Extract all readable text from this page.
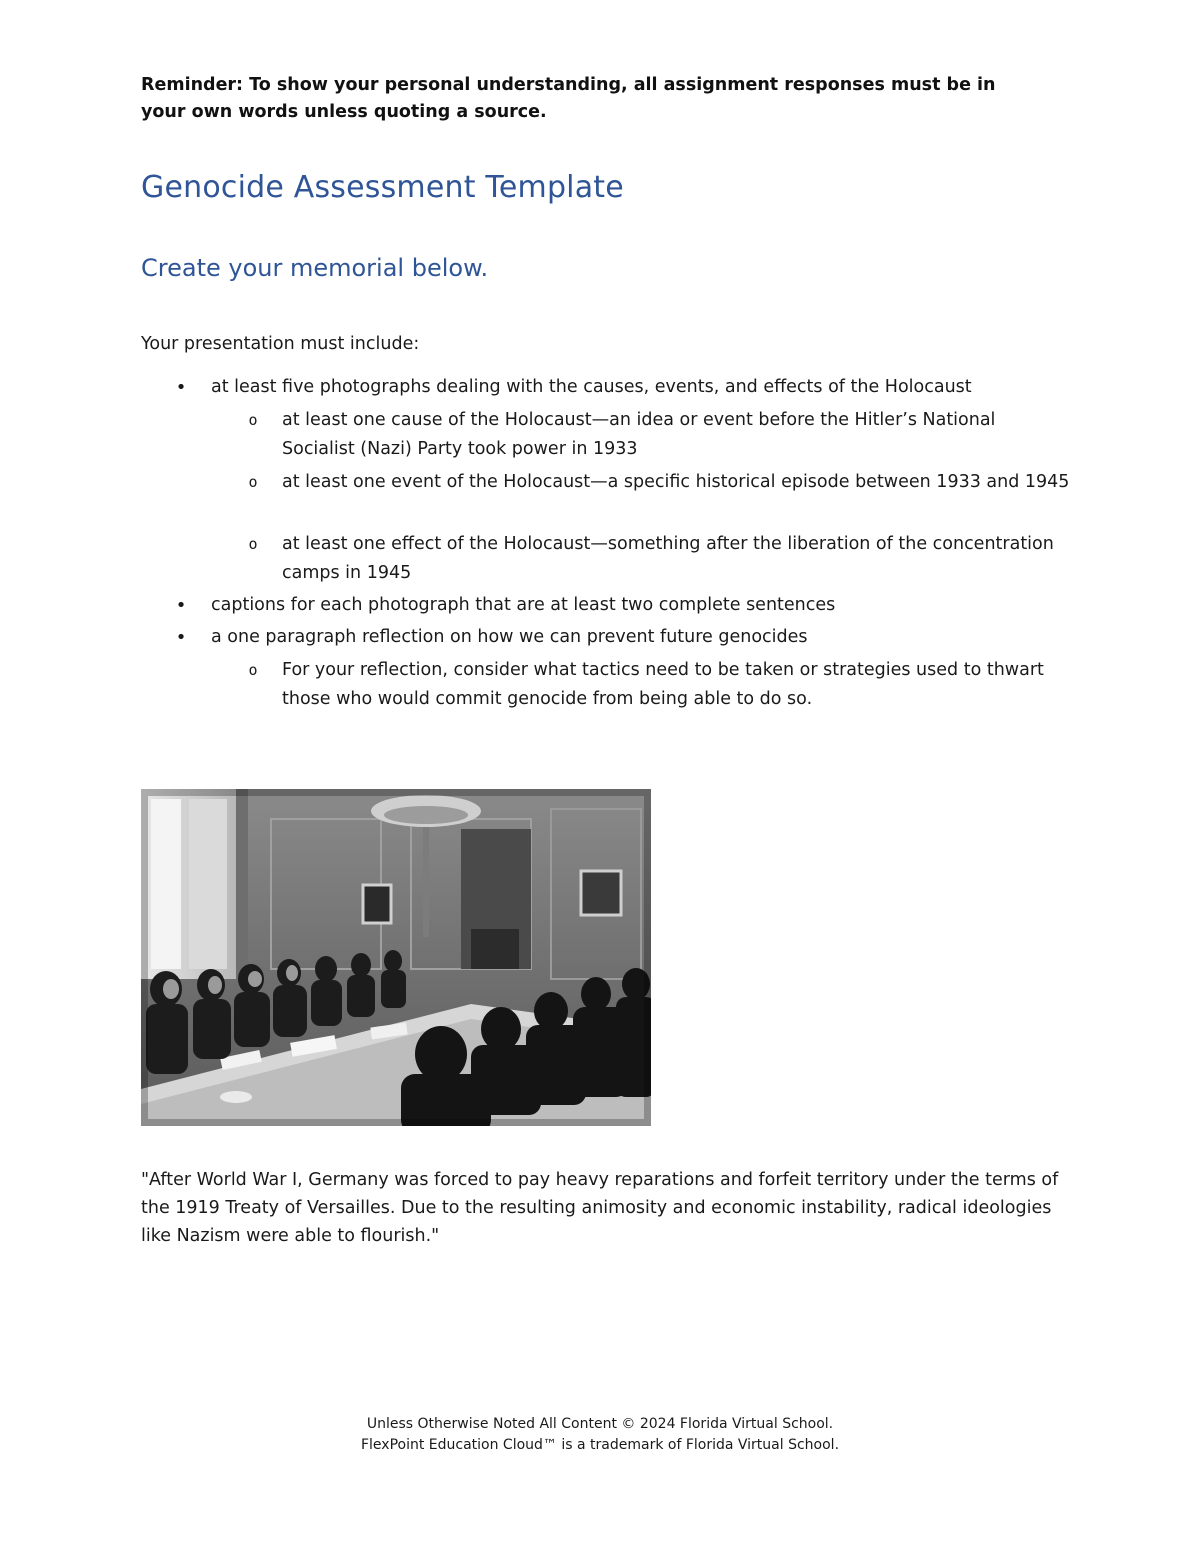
Reminder: To show your personal understanding, all assignment responses must be in your own words unless quoting a source.
Genocide Assessment Template
Create your memorial below.
Your presentation must include:
• at least five photographs dealing with the causes, events, and effects of the Holocaust
o at least one cause of the Holocaust—an idea or event before the Hitler’s National Socialist (Nazi) Party took power in 1933
o at least one event of the Holocaust—a specific historical episode between 1933 and 1945
o at least one effect of the Holocaust—something after the liberation of the concentration camps in 1945
• captions for each photograph that are at least two complete sentences
• a one paragraph reflection on how we can prevent future genocides
o For your reflection, consider what tactics need to be taken or strategies used to thwart those who would commit genocide from being able to do so.
"After World War I, Germany was forced to pay heavy reparations and forfeit territory under the terms of the 1919 Treaty of Versailles. Due to the resulting animosity and economic instability, radical ideologies like Nazism were able to flourish."
Unless Otherwise Noted All Content © 2024 Florida Virtual School.
FlexPoint Education Cloud™ is a trademark of Florida Virtual School.
